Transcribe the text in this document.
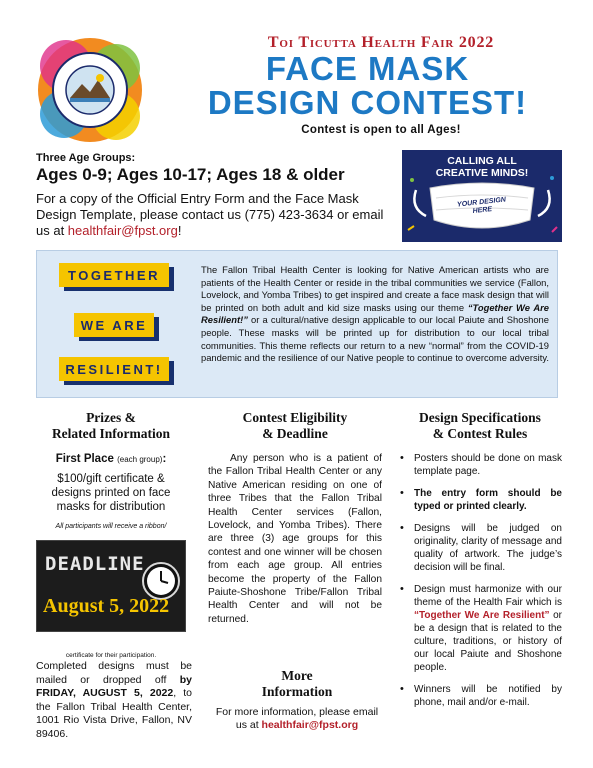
Toi Ticutta Health Fair 2022
FACE MASK
DESIGN CONTEST!
Contest is open to all Ages!
Three Age Groups:
Ages 0-9; Ages 10-17; Ages 18 & older
For a copy of the Official Entry Form and the Face Mask Design Template, please contact us (775) 423-3634 or email us at healthfair@fpst.org!
CALLING ALL
CREATIVE MINDS!
YOUR DESIGN
HERE
TOGETHER
WE ARE
RESILIENT!
The Fallon Tribal Health Center is looking for Native American artists who are patients of the Health Center or reside in the tribal communities we service (Fallon, Lovelock, and Yomba Tribes) to get inspired and create a face mask design that will be printed on both adult and kid size masks using our theme “Together We Are Resilient!” or a cultural/native design applicable to our local Paiute and Shoshone people. These masks will be printed up for distribution to our local tribal communities. This theme reflects our return to a new “normal” from the COVID-19 pandemic and the resilience of our Native people to continue to overcome adversity.
Prizes &
Related Information
Contest Eligibility
& Deadline
Design Specifications
& Contest Rules
First Place (each group):
$100/gift certificate & designs printed on face masks for distribution
All participants will receive a ribbon/
DEADLINE
August 5, 2022
certificate for their participation.
Completed designs must be mailed or dropped off by FRIDAY, AUGUST 5, 2022, to the Fallon Tribal Health Center, 1001 Rio Vista Drive, Fallon, NV 89406.
Any person who is a patient of the Fallon Tribal Health Center or any Native American residing on one of three Tribes that the Fallon Tribal Health Center services (Fallon, Lovelock, and Yomba Tribes). There are three (3) age groups for this contest and one winner will be chosen from each age group. All entries become the property of the Fallon Paiute-Shoshone Tribe/Fallon Tribal Health Center and will not be returned.
More
Information
For more information, please email us at healthfair@fpst.org
• Posters should be done on mask template page.
• The entry form should be typed or printed clearly.
• Designs will be judged on originality, clarity of message and quality of artwork. The judge’s decision will be final.
• Design must harmonize with our theme of the Health Fair which is “Together We Are Resilient” or be a design that is related to the culture, traditions, or history of our local Paiute and Shoshone people.
• Winners will be notified by phone, mail and/or e-mail.
